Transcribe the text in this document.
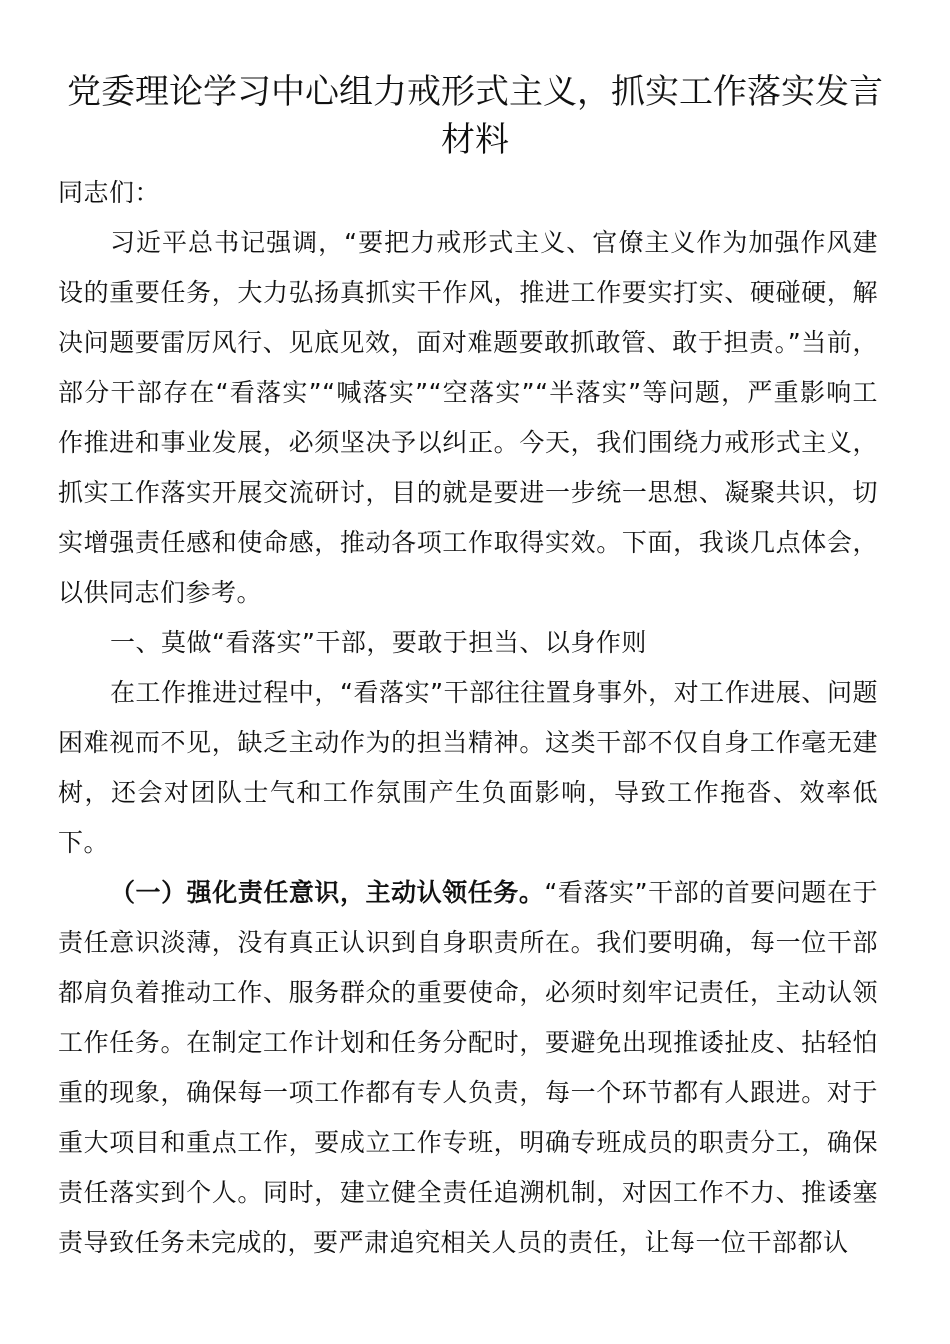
党委理论学习中心组力戒形式主义，抓实工作落实发言材料

同志们：

习近平总书记强调，“要把力戒形式主义、官僚主义作为加强作风建设的重要任务，大力弘扬真抓实干作风，推进工作要实打实、硬碰硬，解决问题要雷厉风行、见底见效，面对难题要敢抓敢管、敢于担责。”当前，部分干部存在“看落实”“喊落实”“空落实”“半落实”等问题，严重影响工作推进和事业发展，必须坚决予以纠正。今天，我们围绕力戒形式主义，抓实工作落实开展交流研讨，目的就是要进一步统一思想、凝聚共识，切实增强责任感和使命感，推动各项工作取得实效。下面，我谈几点体会，以供同志们参考。

一、莫做“看落实”干部，要敢于担当、以身作则

在工作推进过程中，“看落实”干部往往置身事外，对工作进展、问题困难视而不见，缺乏主动作为的担当精神。这类干部不仅自身工作毫无建树，还会对团队士气和工作氛围产生负面影响，导致工作拖沓、效率低下。

（一）强化责任意识，主动认领任务。“看落实”干部的首要问题在于责任意识淡薄，没有真正认识到自身职责所在。我们要明确，每一位干部都肩负着推动工作、服务群众的重要使命，必须时刻牢记责任，主动认领工作任务。在制定工作计划和任务分配时，要避免出现推诿扯皮、拈轻怕重的现象，确保每一项工作都有专人负责，每一个环节都有人跟进。对于重大项目和重点工作，要成立工作专班，明确专班成员的职责分工，确保责任落实到个人。同时，建立健全责任追溯机制，对因工作不力、推诿塞责导致任务未完成的，要严肃追究相关人员的责任，让每一位干部都认
